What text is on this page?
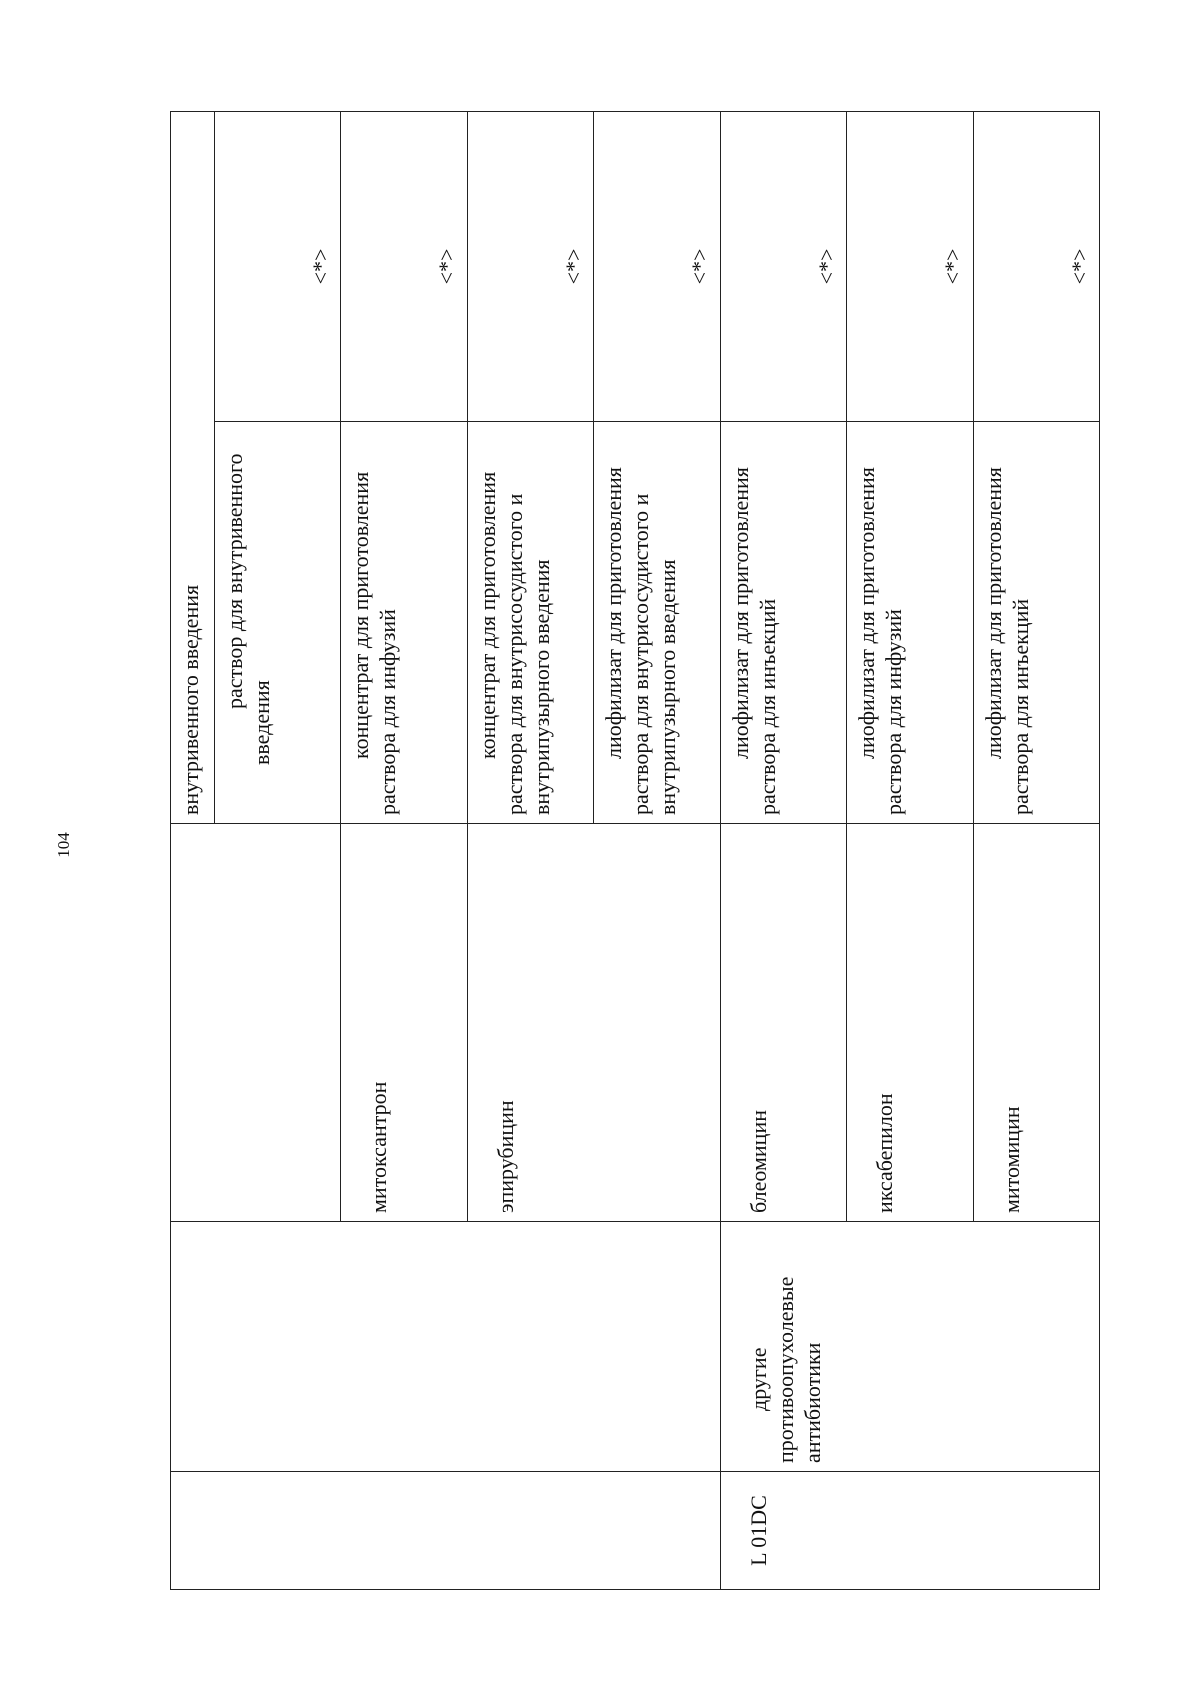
104
			внутривенного введения	

			раствор для внутривенного введения	<*>
		митоксантрон	концентрат для приготовления раствора для инфузий	<*>
		эпирубицин	концентрат для приготовления раствора для внутрисосудистого и внутрипузырного введения	<*>

			лиофилизат для приготовления раствора для внутрисосудистого и внутрипузырного введения	<*>

L 01DC	другие противоопухолевые антибиотики	блеомицин	лиофилизат для приготовления раствора для инъекций	<*>
		иксабепилон	лиофилизат для приготовления раствора для инфузий	<*>
		митомицин	лиофилизат для приготовления раствора для инъекций	<*>
